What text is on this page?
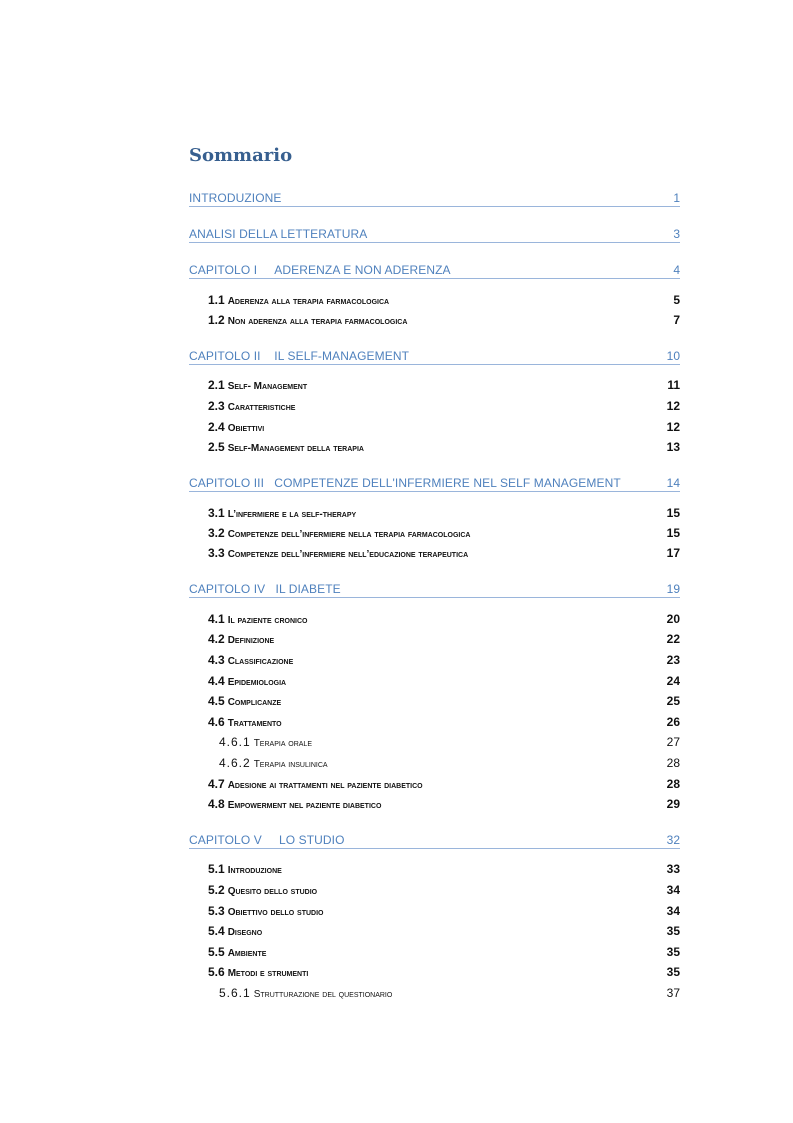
Sommario
INTRODUZIONE	1
ANALISI DELLA LETTERATURA	3
CAPITOLO I     ADERENZA E NON ADERENZA	4
1.1 Aderenza alla terapia farmacologica	5
1.2 Non aderenza alla terapia farmacologica	7
CAPITOLO II    IL SELF-MANAGEMENT	10
2.1 Self- Management	11
2.3 Caratteristiche	12
2.4 Obiettivi	12
2.5 Self-Management della terapia	13
CAPITOLO III   COMPETENZE DELL'INFERMIERE NEL SELF MANAGEMENT	14
3.1 L’infermiere e la self-therapy	15
3.2 Competenze dell’infermiere nella terapia farmacologica	15
3.3 Competenze dell’infermiere nell’educazione terapeutica	17
CAPITOLO IV   IL DIABETE	19
4.1 Il paziente cronico	20
4.2 Definizione	22
4.3 Classificazione	23
4.4 Epidemiologia	24
4.5 Complicanze	25
4.6 Trattamento	26
4.6.1 Terapia orale	27
4.6.2 Terapia insulinica	28
4.7 Adesione ai trattamenti nel paziente diabetico	28
4.8 Empowerment nel paziente diabetico	29
CAPITOLO V     LO STUDIO	32
5.1 Introduzione	33
5.2 Quesito dello studio	34
5.3 Obiettivo dello studio	34
5.4 Disegno	35
5.5 Ambiente	35
5.6 Metodi e strumenti	35
5.6.1 Strutturazione del questionario	37
